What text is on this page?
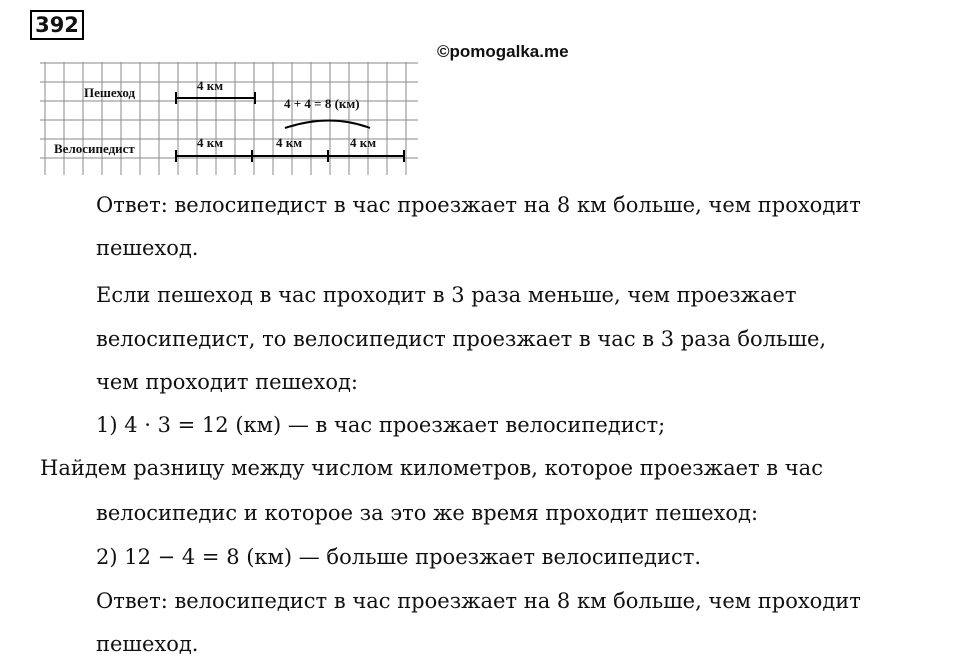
392
©pomogalka.me
Пешеход
Велосипедист
4 км
4 + 4 = 8 (км)
4 км	4 км	4 км
Ответ: велосипедист в час проезжает на 8 км больше, чем проходит
пешеход.
Если пешеход в час проходит в 3 раза меньше, чем проезжает
велосипедист, то велосипедист проезжает в час в 3 раза больше,
чем проходит пешеход:
1) 4 · 3 = 12 (км) — в час проезжает велосипедист;
Найдем разницу между числом километров, которое проезжает в час
велосипедис и которое за это же время проходит пешеход:
2) 12 − 4 = 8 (км) — больше проезжает велосипедист.
Ответ: велосипедист в час проезжает на 8 км больше, чем проходит
пешеход.
